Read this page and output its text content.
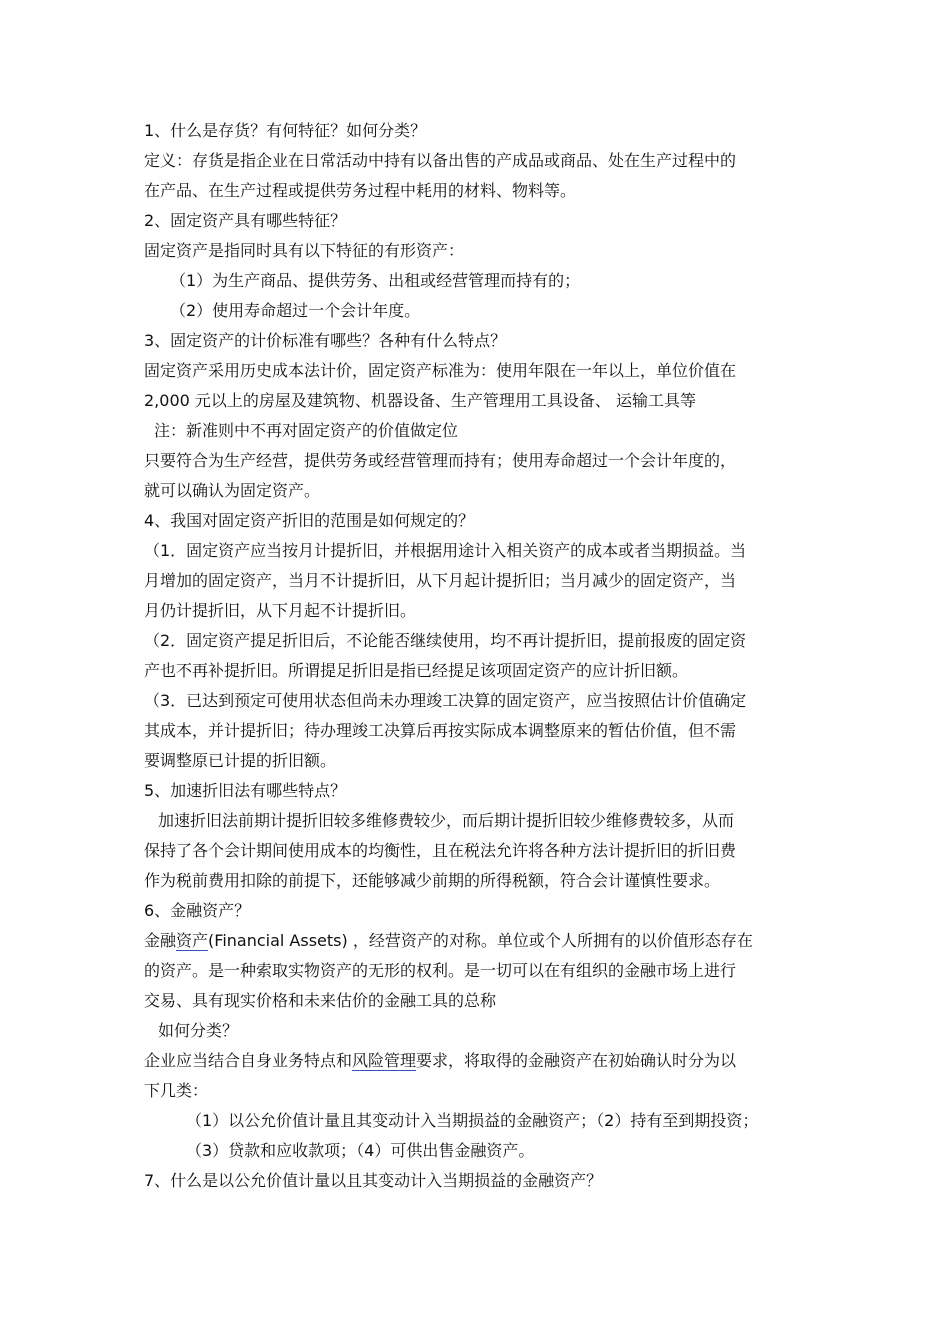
1、什么是存货？有何特征？如何分类？
定义：存货是指企业在日常活动中持有以备出售的产成品或商品、处在生产过程中的
在产品、在生产过程或提供劳务过程中耗用的材料、物料等。
2、固定资产具有哪些特征？
固定资产是指同时具有以下特征的有形资产：
（1）为生产商品、提供劳务、出租或经营管理而持有的；
（2）使用寿命超过一个会计年度。
3、固定资产的计价标准有哪些？各种有什么特点？
固定资产采用历史成本法计价，固定资产标准为：使用年限在一年以上，单位价值在
2,000 元以上的房屋及建筑物、机器设备、生产管理用工具设备、 运输工具等
注：新准则中不再对固定资产的价值做定位
只要符合为生产经营，提供劳务或经营管理而持有；使用寿命超过一个会计年度的，
就可以确认为固定资产。
4、我国对固定资产折旧的范围是如何规定的？
（1．固定资产应当按月计提折旧，并根据用途计入相关资产的成本或者当期损益。当
月增加的固定资产，当月不计提折旧，从下月起计提折旧；当月减少的固定资产，当
月仍计提折旧，从下月起不计提折旧。
（2．固定资产提足折旧后，不论能否继续使用，均不再计提折旧，提前报废的固定资
产也不再补提折旧。所谓提足折旧是指已经提足该项固定资产的应计折旧额。
（3．已达到预定可使用状态但尚未办理竣工决算的固定资产，应当按照估计价值确定
其成本，并计提折旧；待办理竣工决算后再按实际成本调整原来的暂估价值，但不需
要调整原已计提的折旧额。
5、加速折旧法有哪些特点？
加速折旧法前期计提折旧较多维修费较少，而后期计提折旧较少维修费较多，从而
保持了各个会计期间使用成本的均衡性，且在税法允许将各种方法计提折旧的折旧费
作为税前费用扣除的前提下，还能够减少前期的所得税额，符合会计谨慎性要求。
6、金融资产？
金融资产(Financial Assets) ，经营资产的对称。单位或个人所拥有的以价值形态存在
的资产。是一种索取实物资产的无形的权利。是一切可以在有组织的金融市场上进行
交易、具有现实价格和未来估价的金融工具的总称
如何分类？
企业应当结合自身业务特点和风险管理要求，将取得的金融资产在初始确认时分为以
下几类：
（1）以公允价值计量且其变动计入当期损益的金融资产；（2）持有至到期投资；
（3）贷款和应收款项；（4）可供出售金融资产。
7、什么是以公允价值计量以且其变动计入当期损益的金融资产？
